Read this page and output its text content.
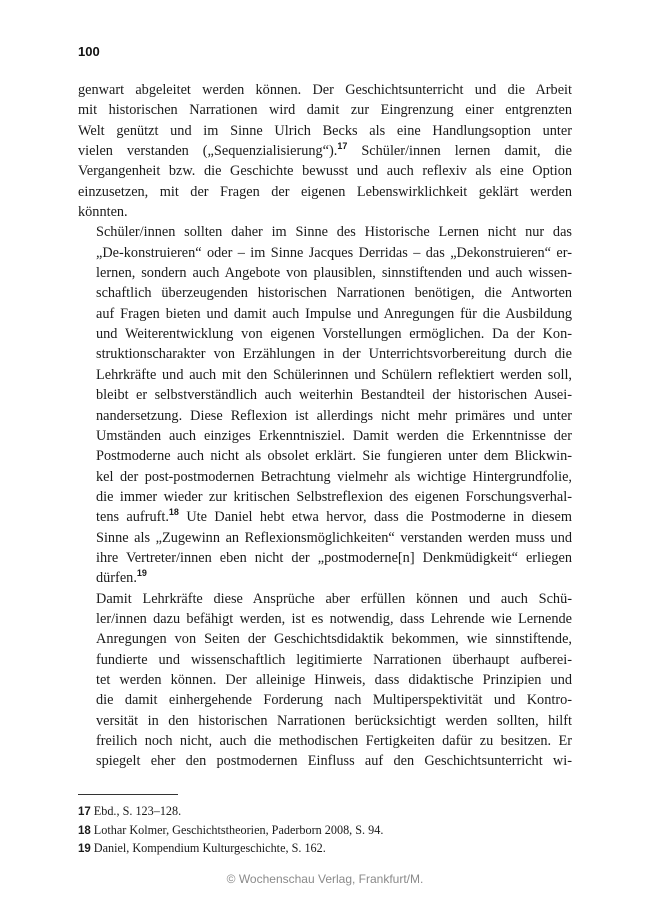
100

genwart abgeleitet werden können. Der Geschichtsunterricht und die Arbeit
mit historischen Narrationen wird damit zur Eingrenzung einer entgrenzten
Welt genützt und im Sinne Ulrich Becks als eine Handlungsoption unter
vielen verstanden („Sequenzialisierung“).$^{17}$ Schüler/innen lernen damit, die
Vergangenheit bzw. die Geschichte bewusst und auch reflexiv als eine Option
einzusetzen, mit der Fragen der eigenen Lebenswirklichkeit geklärt werden
könnten.

Schüler/innen sollten daher im Sinne des Historische Lernen nicht nur das
„De-konstruieren“ oder – im Sinne Jacques Derridas – das „Dekonstruieren“ er-
lernen, sondern auch Angebote von plausiblen, sinnstiftenden und auch wissen-
schaftlich überzeugenden historischen Narrationen benötigen, die Antworten
auf Fragen bieten und damit auch Impulse und Anregungen für die Ausbildung
und Weiterentwicklung von eigenen Vorstellungen ermöglichen. Da der Kon-
struktionscharakter von Erzählungen in der Unterrichtsvorbereitung durch die
Lehrkräfte und auch mit den Schülerinnen und Schülern reflektiert werden soll,
bleibt er selbstverständlich auch weiterhin Bestandteil der historischen Ausei-
nandersetzung. Diese Reflexion ist allerdings nicht mehr primäres und unter
Umständen auch einziges Erkenntnisziel. Damit werden die Erkenntnisse der
Postmoderne auch nicht als obsolet erklärt. Sie fungieren unter dem Blickwin-
kel der post-postmodernen Betrachtung vielmehr als wichtige Hintergrundfolie,
die immer wieder zur kritischen Selbstreflexion des eigenen Forschungsverhal-
tens aufruft.$^{18}$ Ute Daniel hebt etwa hervor, dass die Postmoderne in diesem
Sinne als „Zugewinn an Reflexionsmöglichkeiten“ verstanden werden muss und
ihre Vertreter/innen eben nicht der „postmoderne[n] Denkmüdigkeit“ erliegen
dürfen.$^{19}$

Damit Lehrkräfte diese Ansprüche aber erfüllen können und auch Schü-
ler/innen dazu befähigt werden, ist es notwendig, dass Lehrende wie Lernende
Anregungen von Seiten der Geschichtsdidaktik bekommen, wie sinnstiftende,
fundierte und wissenschaftlich legitimierte Narrationen überhaupt aufberei-
tet werden können. Der alleinige Hinweis, dass didaktische Prinzipien und
die damit einhergehende Forderung nach Multiperspektivität und Kontro-
versität in den historischen Narrationen berücksichtigt werden sollten, hilft
freilich noch nicht, auch die methodischen Fertigkeiten dafür zu besitzen. Er
spiegelt eher den postmodernen Einfluss auf den Geschichtsunterricht wi-

17 Ebd., S. 123–128.
18 Lothar Kolmer, Geschichtstheorien, Paderborn 2008, S. 94.
19 Daniel, Kompendium Kulturgeschichte, S. 162.
© Wochenschau Verlag, Frankfurt/M.
